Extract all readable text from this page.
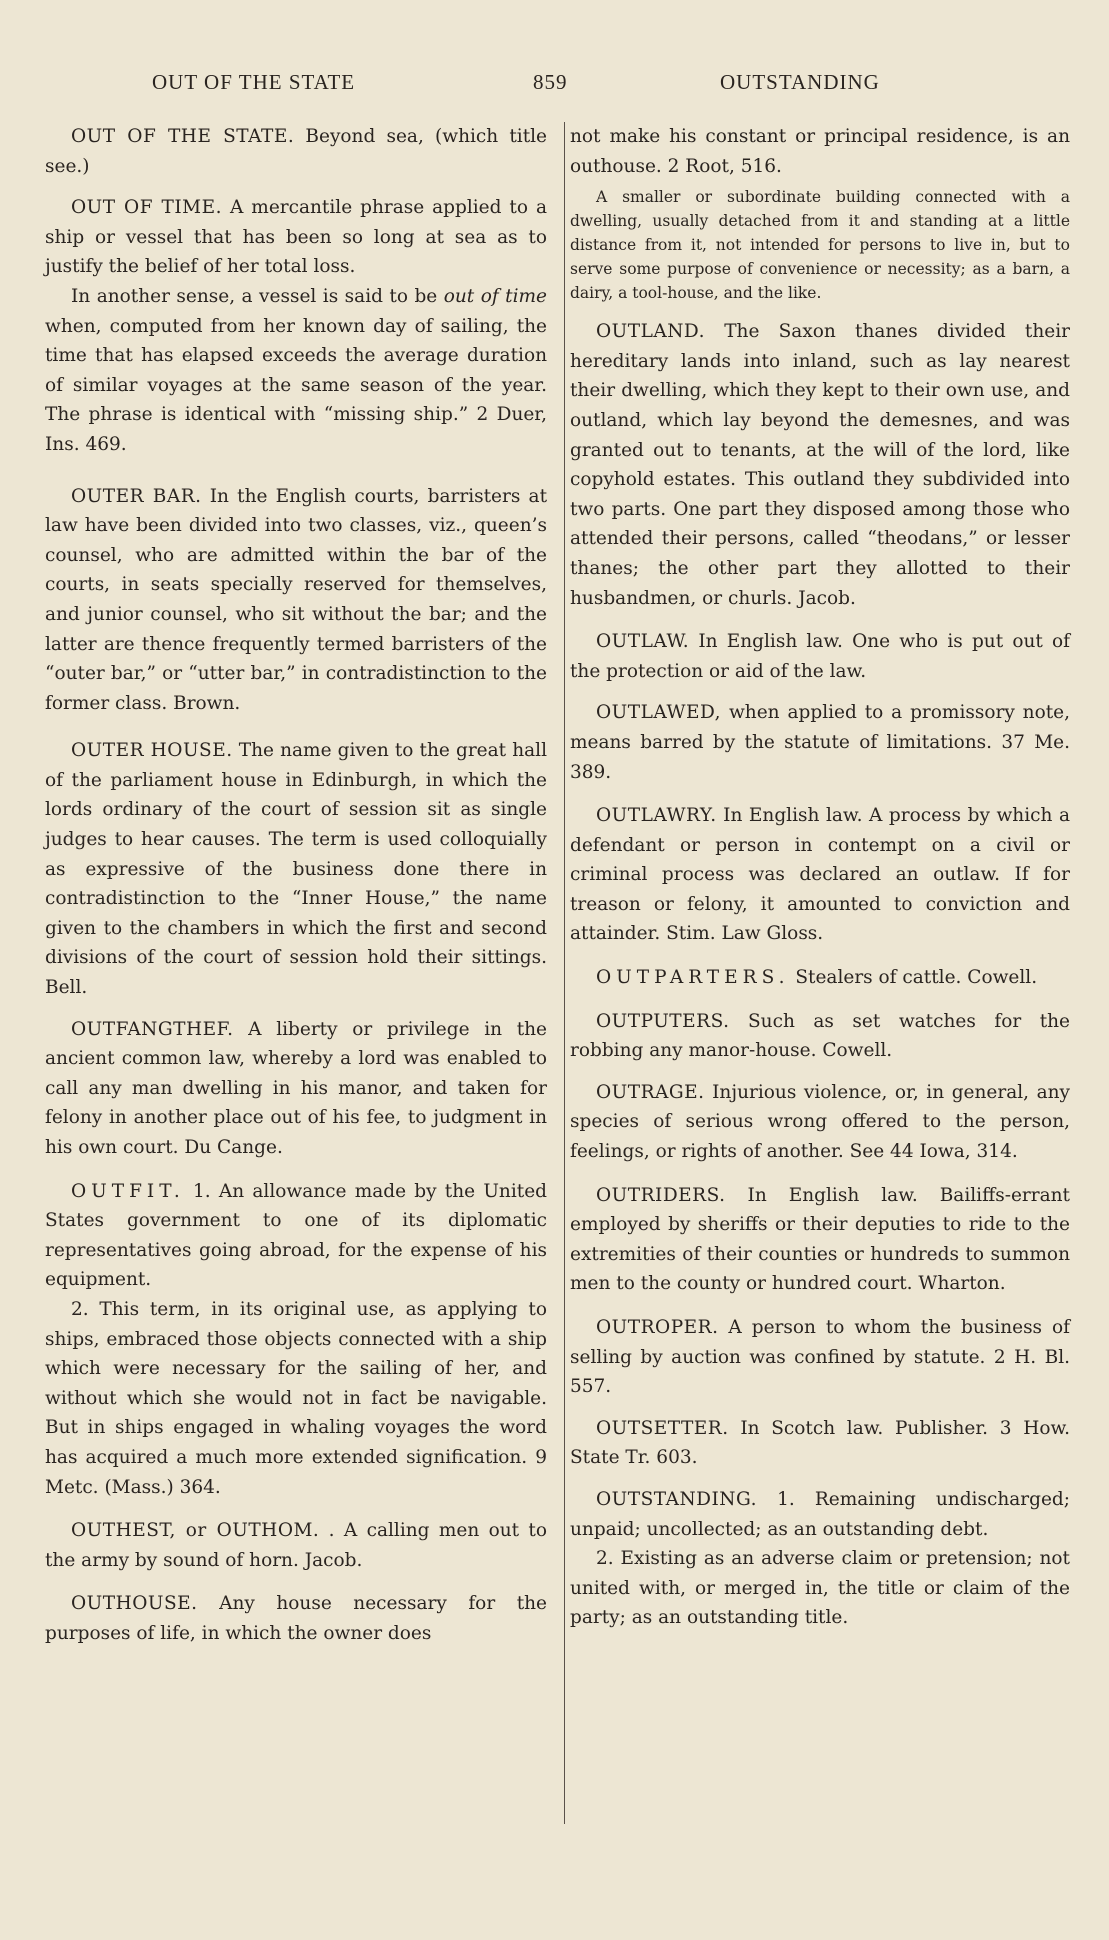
OUT OF THE STATE	859	OUTSTANDING

OUT OF THE STATE. Beyond sea, (which title see.)

OUT OF TIME. A mercantile phrase applied to a ship or vessel that has been so long at sea as to justify the belief of her total loss.

In another sense, a vessel is said to be out of time when, computed from her known day of sailing, the time that has elapsed exceeds the average duration of similar voyages at the same season of the year. The phrase is identical with “missing ship.” 2 Duer, Ins. 469.

OUTER BAR. In the English courts, barristers at law have been divided into two classes, viz., queen’s counsel, who are admitted within the bar of the courts, in seats specially reserved for themselves, and junior counsel, who sit without the bar; and the latter are thence frequently termed barristers of the “outer bar,” or “utter bar,” in contradistinction to the former class. Brown.

OUTER HOUSE. The name given to the great hall of the parliament house in Edinburgh, in which the lords ordinary of the court of session sit as single judges to hear causes. The term is used colloquially as expressive of the business done there in contradistinction to the “Inner House,” the name given to the chambers in which the first and second divisions of the court of session hold their sittings. Bell.

OUTFANGTHEF. A liberty or privilege in the ancient common law, whereby a lord was enabled to call any man dwelling in his manor, and taken for felony in another place out of his fee, to judgment in his own court. Du Cange.

OUTFIT. 1. An allowance made by the United States government to one of its diplomatic representatives going abroad, for the expense of his equipment.

2. This term, in its original use, as applying to ships, embraced those objects connected with a ship which were necessary for the sailing of her, and without which she would not in fact be navigable. But in ships engaged in whaling voyages the word has acquired a much more extended signification. 9 Metc. (Mass.) 364.

OUTHEST, or OUTHOM. . A calling men out to the army by sound of horn. Jacob.

OUTHOUSE. Any house necessary for the purposes of life, in which the owner does

not make his constant or principal residence, is an outhouse. 2 Root, 516.

A smaller or subordinate building connected with a dwelling, usually detached from it and standing at a little distance from it, not intended for persons to live in, but to serve some purpose of convenience or necessity; as a barn, a dairy, a tool-house, and the like.

OUTLAND. The Saxon thanes divided their hereditary lands into inland, such as lay nearest their dwelling, which they kept to their own use, and outland, which lay beyond the demesnes, and was granted out to tenants, at the will of the lord, like copyhold estates. This outland they subdivided into two parts. One part they disposed among those who attended their persons, called “theodans,” or lesser thanes; the other part they allotted to their husbandmen, or churls. Jacob.

OUTLAW. In English law. One who is put out of the protection or aid of the law.

OUTLAWED, when applied to a promissory note, means barred by the statute of limitations. 37 Me. 389.

OUTLAWRY. In English law. A process by which a defendant or person in contempt on a civil or criminal process was declared an outlaw. If for treason or felony, it amounted to conviction and attainder. Stim. Law Gloss.

OUTPARTERS. Stealers of cattle. Cowell.

OUTPUTERS. Such as set watches for the robbing any manor-house. Cowell.

OUTRAGE. Injurious violence, or, in general, any species of serious wrong offered to the person, feelings, or rights of another. See 44 Iowa, 314.

OUTRIDERS. In English law. Bailiffs-errant employed by sheriffs or their deputies to ride to the extremities of their counties or hundreds to summon men to the county or hundred court. Wharton.

OUTROPER. A person to whom the business of selling by auction was confined by statute. 2 H. Bl. 557.

OUTSETTER. In Scotch law. Publisher. 3 How. State Tr. 603.

OUTSTANDING. 1. Remaining undischarged; unpaid; uncollected; as an outstanding debt.

2. Existing as an adverse claim or pretension; not united with, or merged in, the title or claim of the party; as an outstanding title.
